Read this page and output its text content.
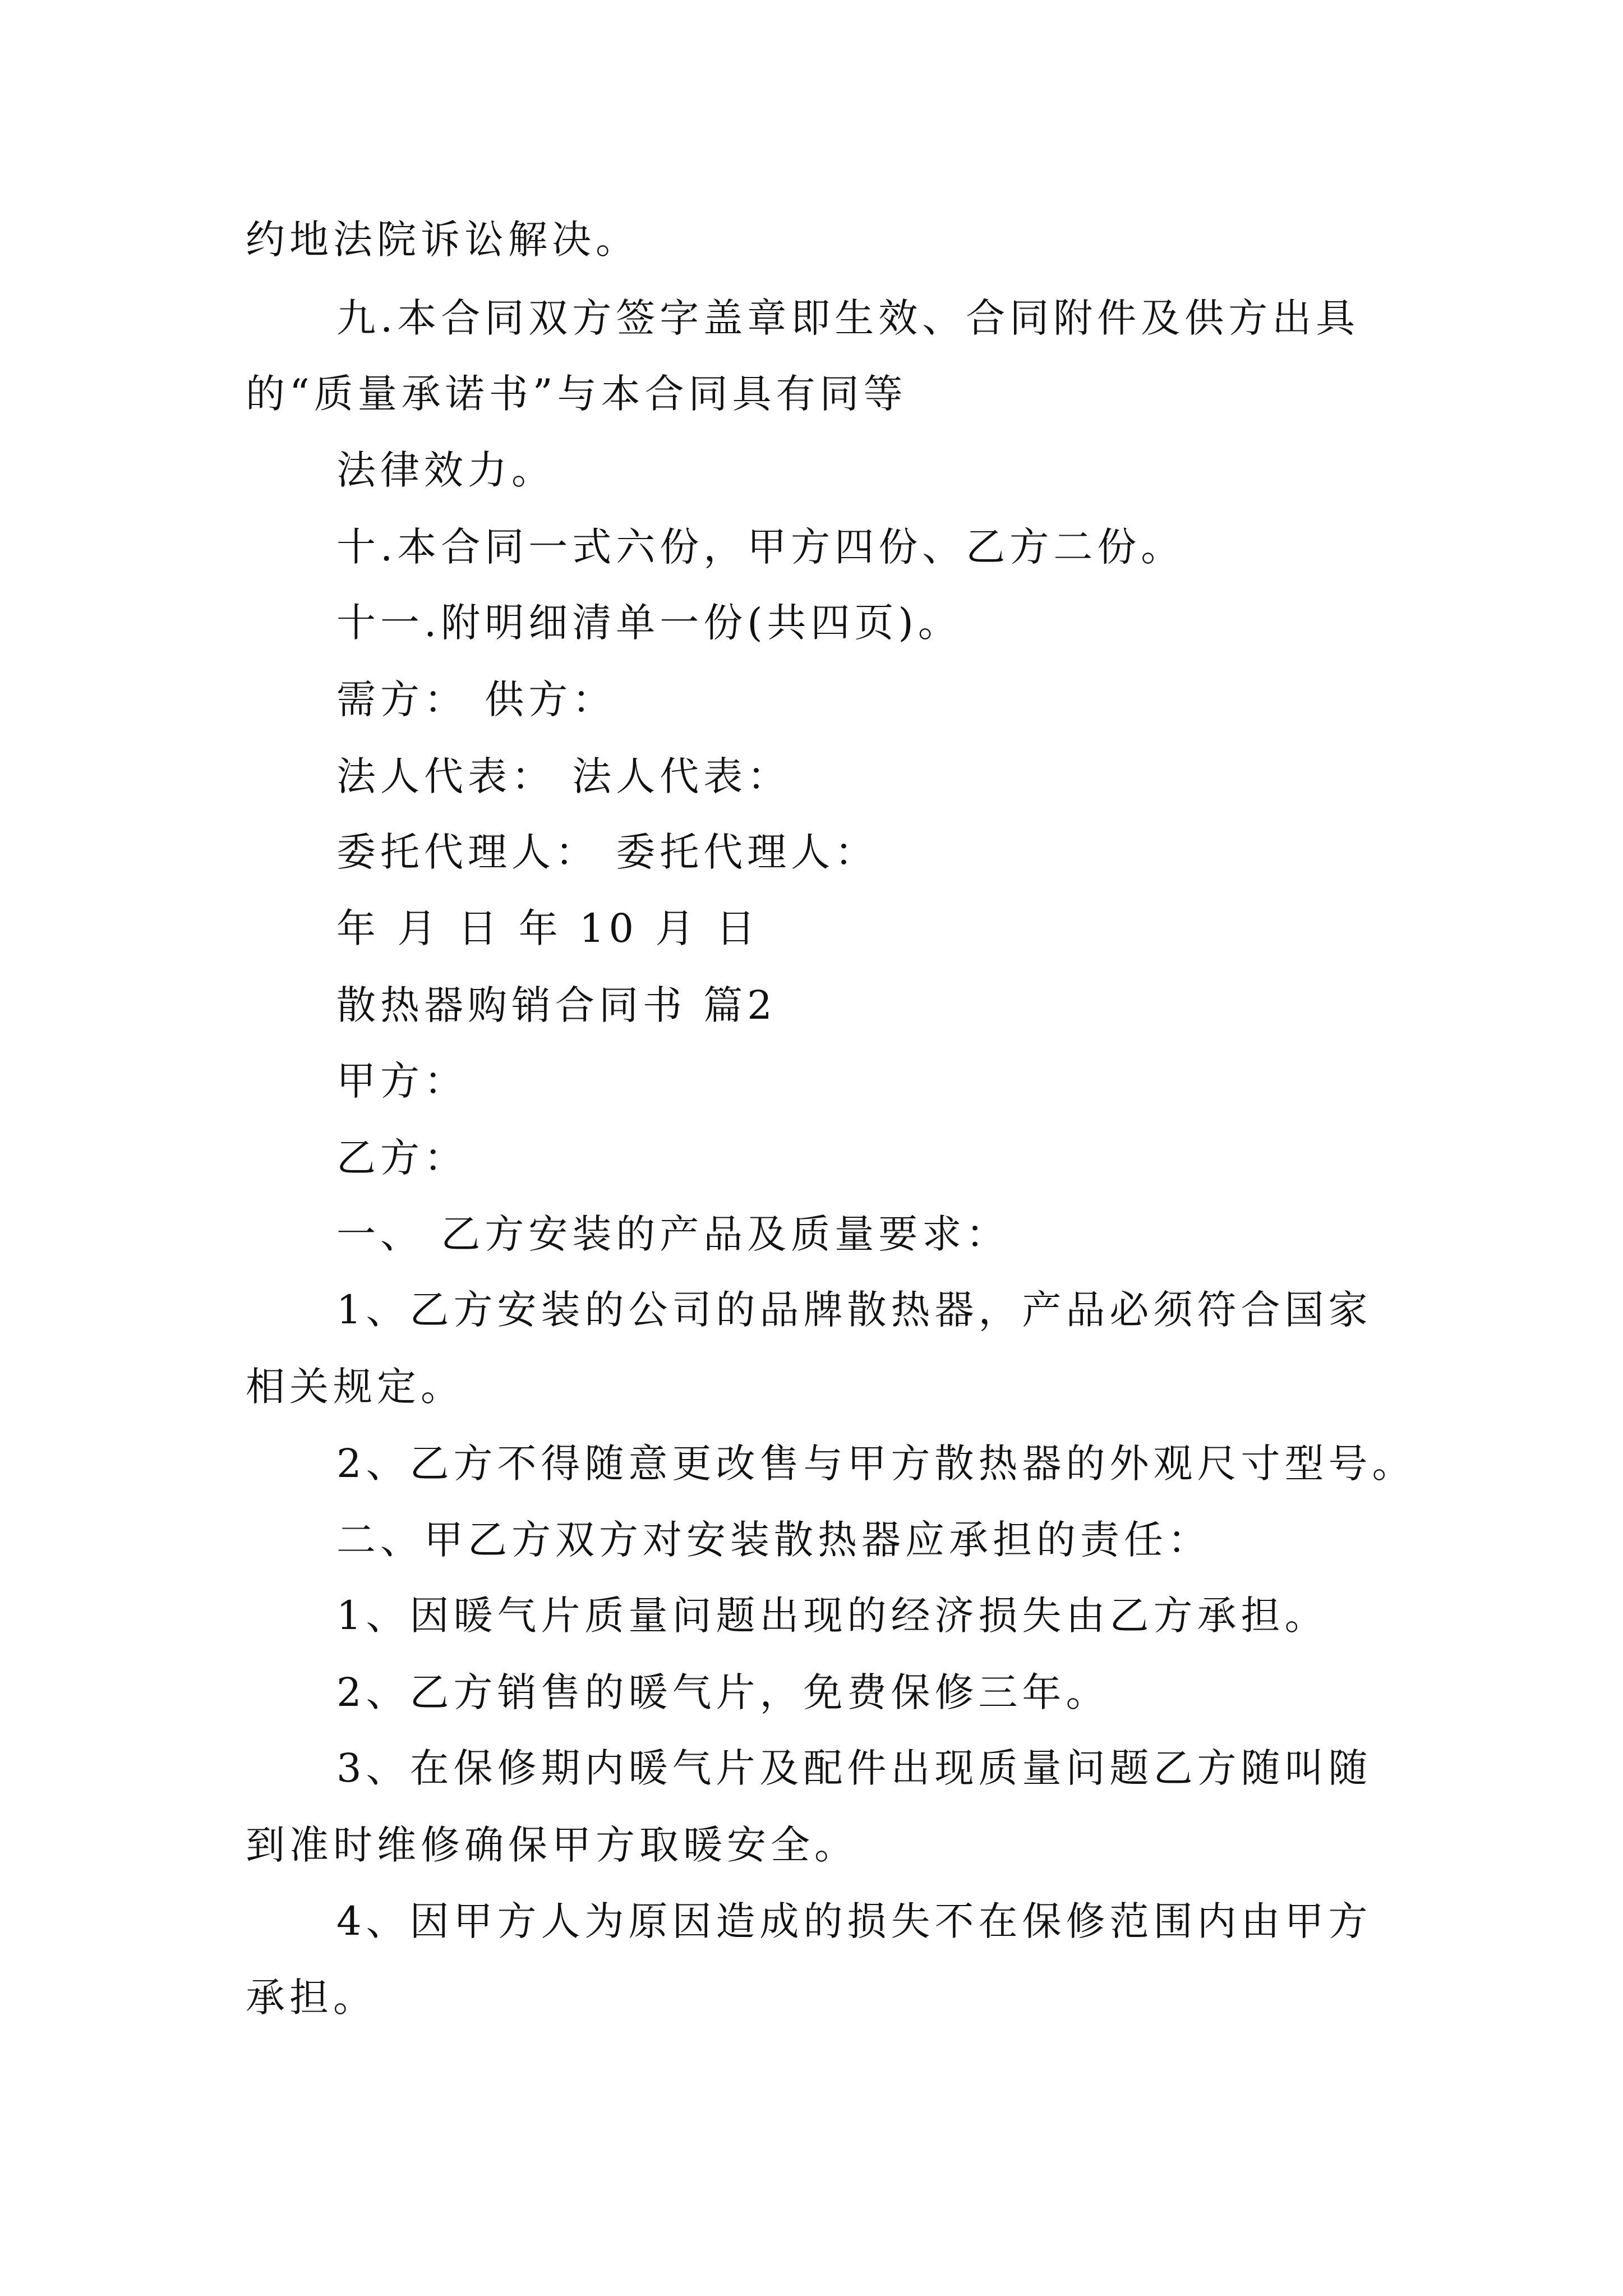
约地法院诉讼解决。
九.本合同双方签字盖章即生效、合同附件及供方出具
的“质量承诺书”与本合同具有同等
法律效力。
十.本合同一式六份，甲方四份、乙方二份。
十一.附明细清单一份(共四页)。
需方： 供方：
法人代表： 法人代表：
委托代理人： 委托代理人：
年 月 日 年 10 月 日
散热器购销合同书 篇2
甲方：
乙方：
一、 乙方安装的产品及质量要求：
1、乙方安装的公司的品牌散热器，产品必须符合国家
相关规定。
2、乙方不得随意更改售与甲方散热器的外观尺寸型号。
二、甲乙方双方对安装散热器应承担的责任：
1、因暖气片质量问题出现的经济损失由乙方承担。
2、乙方销售的暖气片，免费保修三年。
3、在保修期内暖气片及配件出现质量问题乙方随叫随
到准时维修确保甲方取暖安全。
4、因甲方人为原因造成的损失不在保修范围内由甲方
承担。
